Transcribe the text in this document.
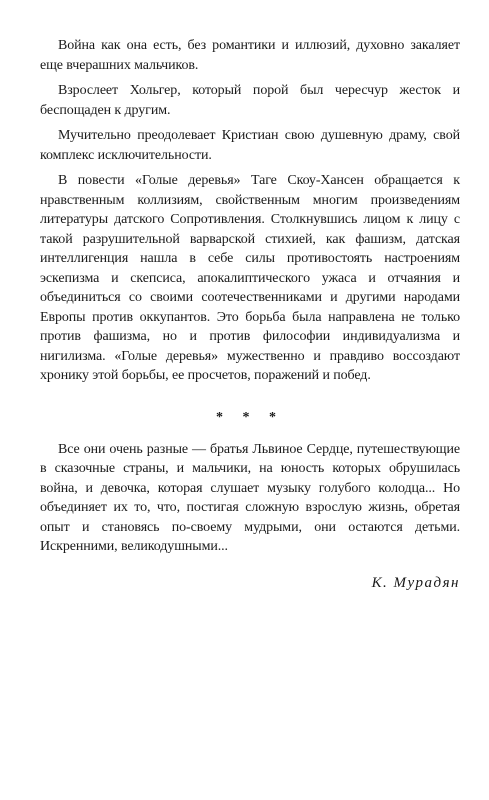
Война как она есть, без романтики и иллюзий, духовно закаляет еще вчерашних мальчиков.

Взрослеет Хольгер, который порой был чересчур жесток и беспощаден к другим.

Мучительно преодолевает Кристиан свою душевную драму, свой комплекс исключительности.

В повести «Голые деревья» Таге Скоу-Хансен обращается к нравственным коллизиям, свойственным многим произведениям литературы датского Сопротивления. Столкнувшись лицом к лицу с такой разрушительной варварской стихией, как фашизм, датская интеллигенция нашла в себе силы противостоять настроениям эскепизма и скепсиса, апокалиптического ужаса и отчаяния и объединиться со своими соотечественниками и другими народами Европы против оккупантов. Это борьба была направлена не только против фашизма, но и против философии индивидуализма и нигилизма. «Голые деревья» мужественно и правдиво воссоздают хронику этой борьбы, ее просчетов, поражений и побед.

* * *

Все они очень разные — братья Львиное Сердце, путешествующие в сказочные страны, и мальчики, на юность которых обрушилась война, и девочка, которая слушает музыку голубого колодца... Но объединяет их то, что, постигая сложную взрослую жизнь, обретая опыт и становясь по-своему мудрыми, они остаются детьми. Искренними, великодушными...

К. Мурадян
